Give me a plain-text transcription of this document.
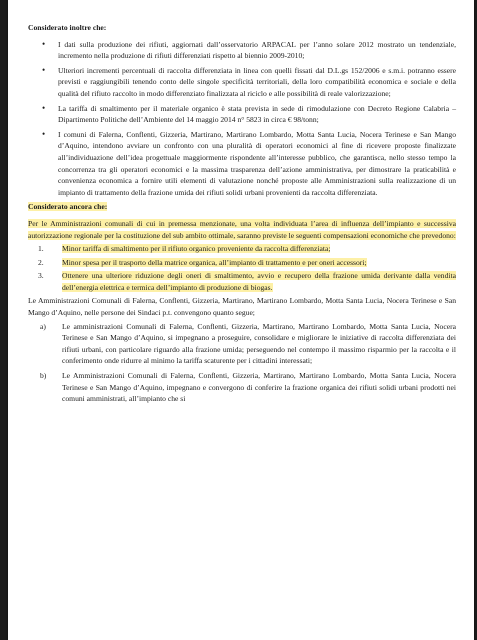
Considerato inoltre che:

• I dati sulla produzione dei rifiuti, aggiornati dall’osservatorio ARPACAL per l’anno solare 2012 mostrato un tendenziale, incremento nella produzione di rifiuti differenziati rispetto al biennio 2009-2010;
• Ulteriori incrementi percentuali di raccolta differenziata in linea con quelli fissati dal D.L.gs 152/2006 e s.m.i. potranno essere previsti e raggiungibili tenendo conto delle singole specificità territoriali, della loro compatibilità economica e sociale e della qualità del rifiuto raccolto in modo differenziato finalizzata al riciclo e alle possibilità di reale valorizzazione;
• La tariffa di smaltimento per il materiale organico è stata prevista in sede di rimodulazione con Decreto Regione Calabria – Dipartimento Politiche dell’Ambiente del 14 maggio 2014 n° 5823 in circa € 98/tonn;
• I comuni di Falerna, Conflenti, Gizzeria, Martirano, Martirano Lombardo, Motta Santa Lucia, Nocera Terinese e San Mango d’Aquino, intendono avviare un confronto con una pluralità di operatori economici al fine di ricevere proposte finalizzate all’individuazione dell’idea progettuale maggiormente rispondente all’interesse pubblico, che garantisca, nello stesso tempo la concorrenza tra gli operatori economici e la massima trasparenza dell’azione amministrativa, per dimostrare la praticabilità e convenienza economica a fornire utili elementi di valutazione nonché proposte alle Amministrazioni sulla realizzazione di un impianto di trattamento della frazione umida dei rifiuti solidi urbani provenienti da raccolta differenziata.

Considerato ancora che:

Per le Amministrazioni comunali di cui in premessa menzionate, una volta individuata l’area di influenza dell’impianto e successiva autorizzazione regionale per la costituzione del sub ambito ottimale, saranno previste le seguenti compensazioni economiche che prevedono:

1. Minor tariffa di smaltimento per il rifiuto organico proveniente da raccolta differenziata;
2. Minor spesa per il trasporto della matrice organica, all’impianto di trattamento e per oneri accessori;
3. Ottenere una ulteriore riduzione degli oneri di smaltimento, avvio e recupero della frazione umida derivante dalla vendita dell’energia elettrica e termica dell’impianto di produzione di biogas.

Le Amministrazioni Comunali di Falerna, Conflenti, Gizzeria, Martirano, Martirano Lombardo, Motta Santa Lucia, Nocera Terinese e San Mango d’Aquino, nelle persone dei Sindaci p.t. convengono quanto segue;

a) Le amministrazioni Comunali di Falerna, Conflenti, Gizzeria, Martirano, Martirano Lombardo, Motta Santa Lucia, Nocera Terinese e San Mango d’Aquino, si impegnano a proseguire, consolidare e migliorare le iniziative di raccolta differenziata dei rifiuti urbani, con particolare riguardo alla frazione umida; perseguendo nel contempo il massimo risparmio per la raccolta e il conferimento onde ridurre al minimo la tariffa scaturente per i cittadini interessati;
b) Le Amministrazioni Comunali di Falerna, Conflenti, Gizzeria, Martirano, Martirano Lombardo, Motta Santa Lucia, Nocera Terinese e San Mango d’Aquino, impegnano e convergono di conferire la frazione organica dei rifiuti solidi urbani prodotti nei comuni amministrati, all’impianto che si
